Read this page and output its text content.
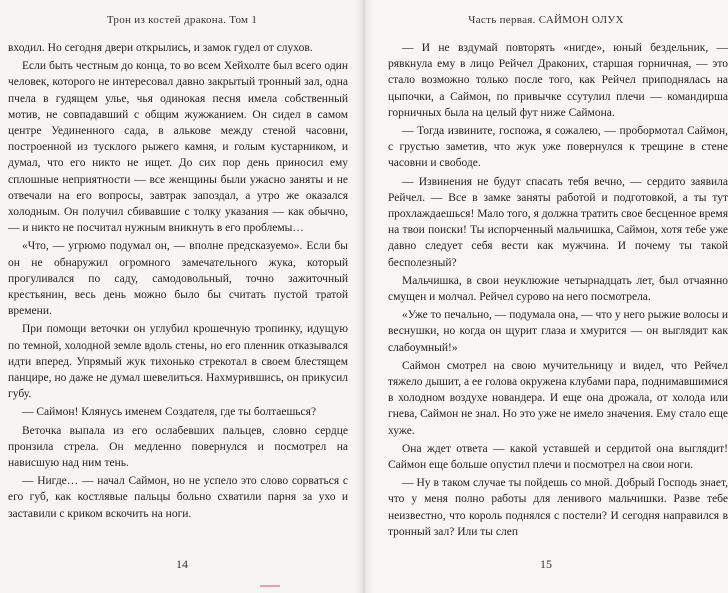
Трон из костей дракона. Том 1

входил. Но сегодня двери открылись, и замок гудел от слухов.

Если быть честным до конца, то во всем Хейхолте был всего один человек, которого не интересовал давно закрытый тронный зал, одна пчела в гудящем улье, чья одинокая песня имела собственный мотив, не совпадавший с общим жужжанием. Он сидел в самом центре Уединенного сада, в альковe между стеной часовни, построенной из тусклого рыжего камня, и голым кустарником, и думал, что его никто не ищет. До сих пор день приносил ему сплошные неприятности — все женщины были ужасно заняты и не отвечали на его вопросы, завтрак запоздал, а утро же оказался холодным. Он получил сбивавшие с толку указания — как обычно, — и никто не посчитал нужным вникнуть в его проблемы…

«Что, — угрюмо подумал он, — вполне предсказуемо». Если бы он не обнаружил огромного замечательного жука, который прогуливался по саду, самодовольный, точно зажиточный крестьянин, весь день можно было бы считать пустой тратой времени.

При помощи веточки он углубил крошечную тропинку, идущую по темной, холодной земле вдоль стены, но его пленник отказывался идти вперед. Упрямый жук тихонько стрекотал в своем блестящем панцире, но даже не думал шевелиться. Нахмурившись, он прикусил губу.

— Саймон! Клянусь именем Создателя, где ты болтаешься?

Веточка выпала из его ослабевших пальцев, словно сердце пронзила стрела. Он медленно повернулся и посмотрел на нависшую над ним тень.

— Нигде… — начал Саймон, но не успело это слово сорваться с его губ, как костлявые пальцы больно схватили парня за ухо и заставили с криком вскочить на ноги.

14
Часть первая. САЙМОН ОЛУХ

— И не вздумай повторять «нигде», юный бездельник, — рявкнула ему в лицо Рейчел Драконих, старшая горничная, — это стало возможно только после того, как Рейчел приподнялась на цыпочки, а Саймон, по привычке ссутулил плечи — командирша горничных была на целый фут ниже Саймона.

— Тогда извините, госпожа, я сожалею, — пробормотал Саймон, с грустью заметив, что жук уже повернулся к трещине в стене часовни и свободе.

— Извинения не будут спасать тебя вечно, — сердито заявила Рейчел. — Все в замке заняты работой и подготовкой, а ты тут прохлаждаешься! Мало того, я должна тратить свое бесценное время на твои поиски! Ты испорченный мальчишка, Саймон, хотя тебе уже давно следует себя вести как мужчина. И почему ты такой бесполезный?

Мальчишка, в свои неуклюжие четырнадцать лет, был отчаянно смущен и молчал. Рейчел сурово на него посмотрела.

«Уже то печально, — подумала она, — что у него рыжие волосы и веснушки, но когда он щурит глаза и хмурится — он выглядит как слабоумный!»

Саймон смотрел на свою мучительницу и видел, что Рейчел тяжело дышит, а ее голова окружена клубами пара, поднимавшимися в холодном воздухе новандера. И еще она дрожала, от холода или гнева, Саймон не знал. Но это уже не имело значения. Ему стало еще хуже.

Она ждет ответа — какой уставшей и сердитой она выглядит! Саймон еще больше опустил плечи и посмотрел на свои ноги.

— Ну в таком случае ты пойдешь со мной. Добрый Господь знает, что у меня полно работы для ленивого мальчишки. Разве тебе неизвестно, что король поднялся с постели? И сегодня направился в тронный зал? Или ты слеп

15
